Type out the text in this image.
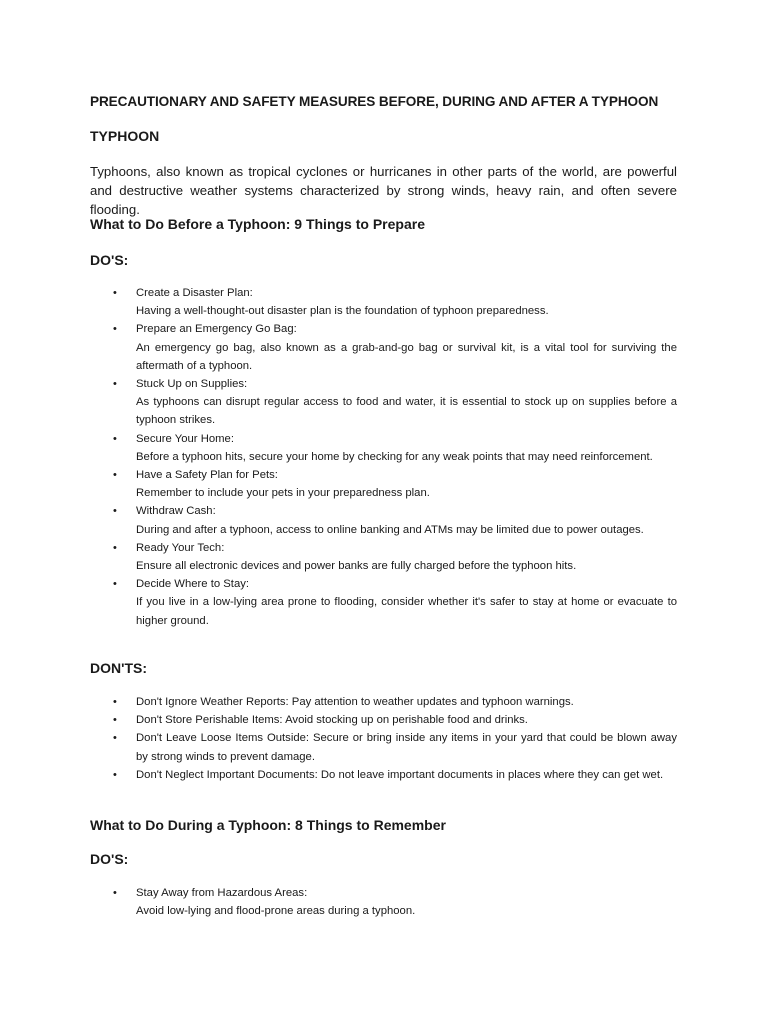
PRECAUTIONARY AND SAFETY MEASURES BEFORE, DURING AND AFTER A TYPHOON
TYPHOON
Typhoons, also known as tropical cyclones or hurricanes in other parts of the world, are powerful and destructive weather systems characterized by strong winds, heavy rain, and often severe flooding.
What to Do Before a Typhoon: 9 Things to Prepare
DO'S:
• Create a Disaster Plan:
Having a well-thought-out disaster plan is the foundation of typhoon preparedness.
• Prepare an Emergency Go Bag:
An emergency go bag, also known as a grab-and-go bag or survival kit, is a vital tool for surviving the aftermath of a typhoon.
• Stuck Up on Supplies:
As typhoons can disrupt regular access to food and water, it is essential to stock up on supplies before a typhoon strikes.
• Secure Your Home:
Before a typhoon hits, secure your home by checking for any weak points that may need reinforcement.
• Have a Safety Plan for Pets:
Remember to include your pets in your preparedness plan.
• Withdraw Cash:
During and after a typhoon, access to online banking and ATMs may be limited due to power outages.
• Ready Your Tech:
Ensure all electronic devices and power banks are fully charged before the typhoon hits.
• Decide Where to Stay:
If you live in a low-lying area prone to flooding, consider whether it's safer to stay at home or evacuate to higher ground.
DON'TS:
• Don't Ignore Weather Reports: Pay attention to weather updates and typhoon warnings.
• Don't Store Perishable Items: Avoid stocking up on perishable food and drinks.
• Don't Leave Loose Items Outside: Secure or bring inside any items in your yard that could be blown away by strong winds to prevent damage.
• Don't Neglect Important Documents: Do not leave important documents in places where they can get wet.
What to Do During a Typhoon: 8 Things to Remember
DO'S:
• Stay Away from Hazardous Areas:
Avoid low-lying and flood-prone areas during a typhoon.
